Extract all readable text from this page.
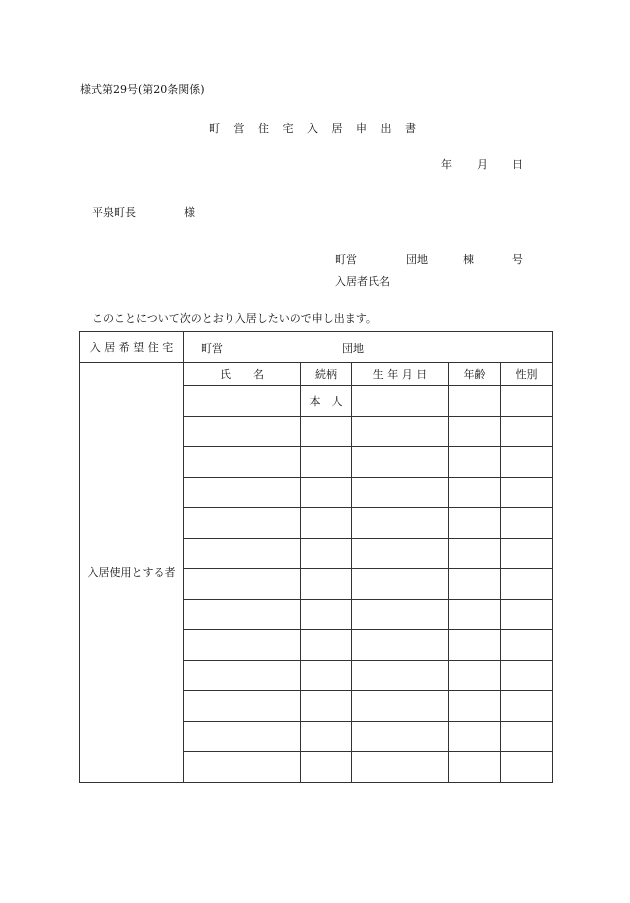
様式第29号(第20条関係)
町 営 住 宅 入 居 申 出 書
年 月 日
平泉町長	様
町営	団地	棟	号
入居者氏名
このことについて次のとおり入居したいので申し出ます。
入 居 希 望 住 宅	町営 団地				

入居使用とする者	氏　　名	続柄	生 年 月 日	年齢	性別
		本　人			
